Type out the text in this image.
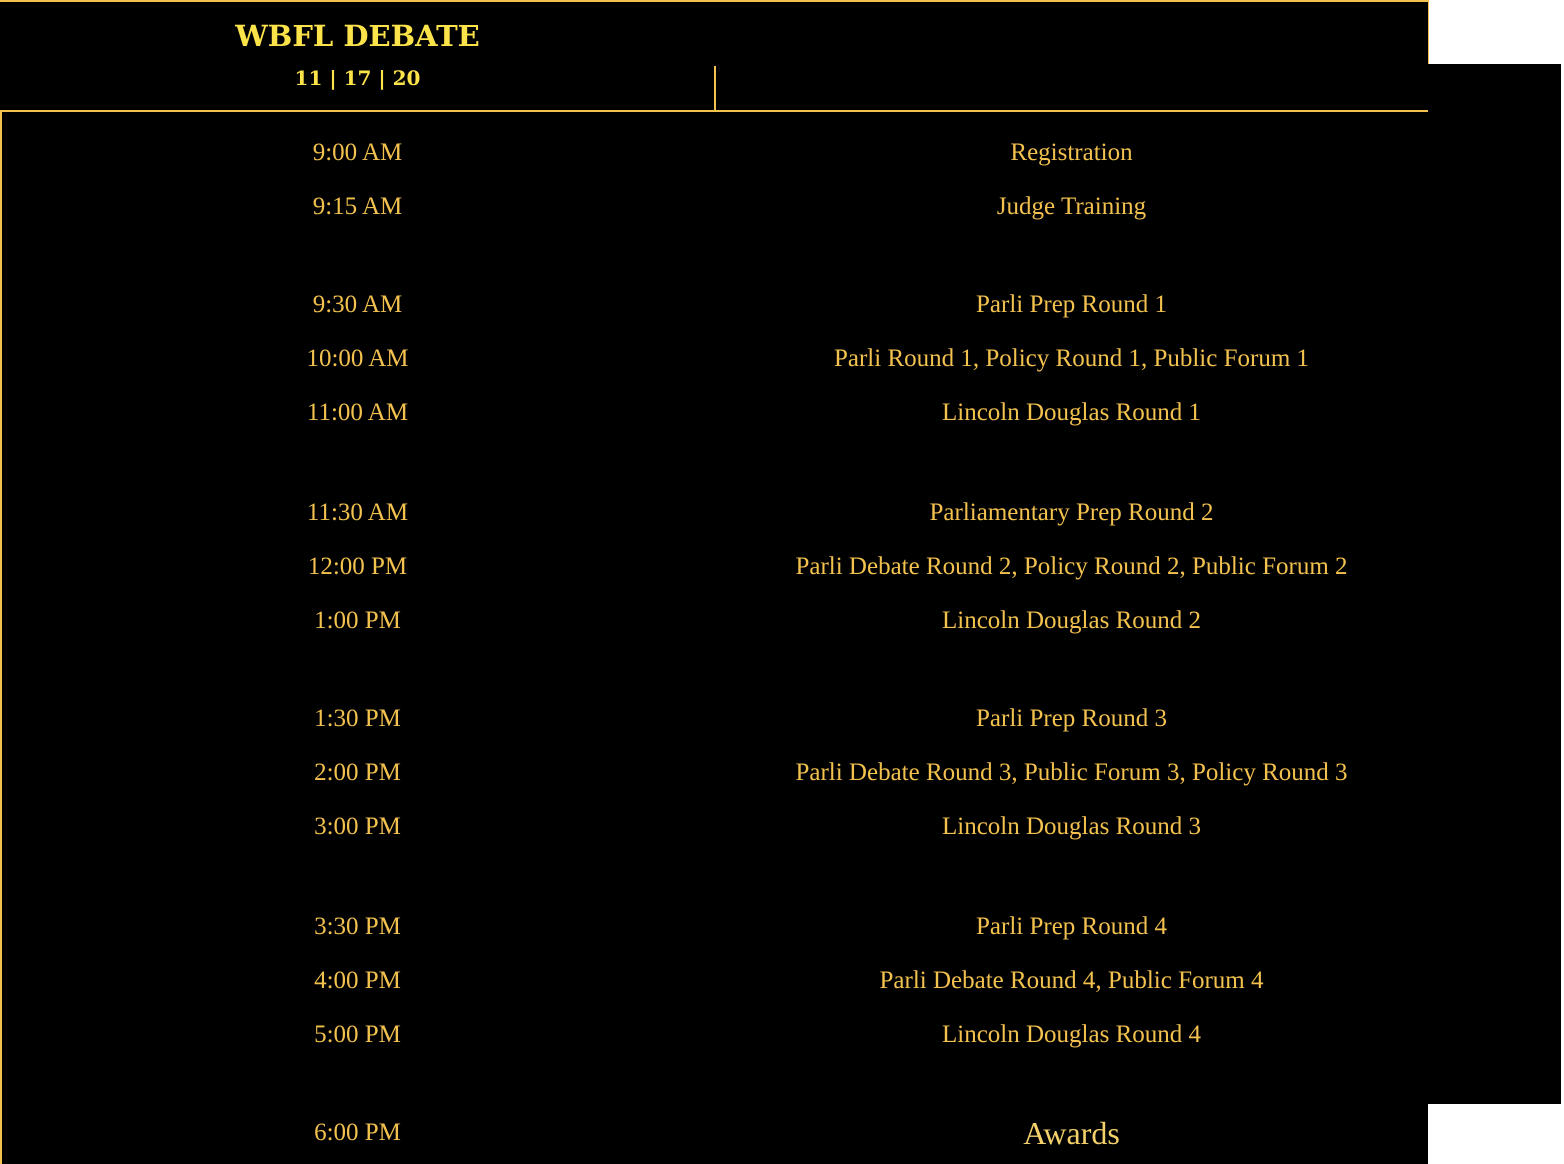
WBFL DEBATE
11 | 17 | 20
9:00 AM	Registration
9:15 AM	Judge Training
9:30 AM	Parli Prep Round 1
10:00 AM	Parli Round 1, Policy Round 1, Public Forum 1
11:00 AM	Lincoln Douglas Round 1
11:30 AM	Parliamentary Prep Round 2
12:00 PM	Parli Debate Round 2, Policy Round 2, Public Forum 2
1:00 PM	Lincoln Douglas Round 2
1:30 PM	Parli Prep Round 3
2:00 PM	Parli Debate Round 3, Public Forum 3, Policy Round 3
3:00 PM	Lincoln Douglas Round 3
3:30 PM	Parli Prep Round 4
4:00 PM	Parli Debate Round 4, Public Forum 4
5:00 PM	Lincoln Douglas Round 4
6:00 PM	Awards
